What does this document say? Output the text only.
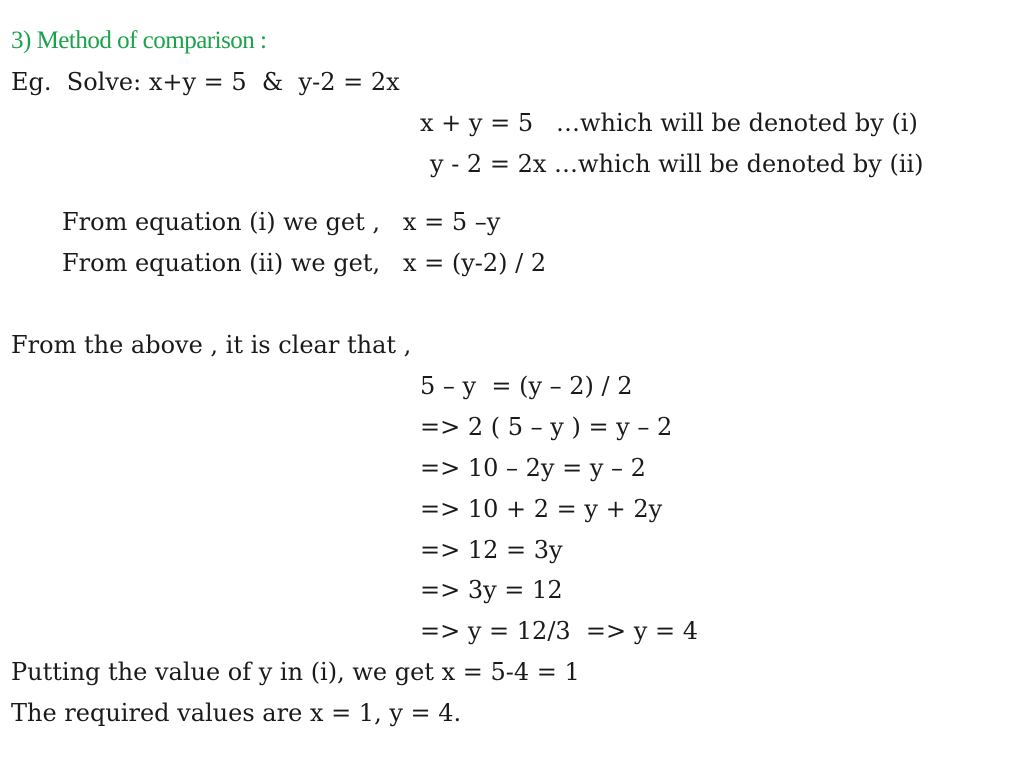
3) Method of comparison :
Eg.  Solve: x+y = 5  &  y-2 = 2x
x + y = 5   …which will be denoted by (i)
y - 2 = 2x …which will be denoted by (ii)
From equation (i) we get ,   x = 5 –y
From equation (ii) we get,   x = (y-2) / 2
From the above , it is clear that ,
5 – y  = (y – 2) / 2
=> 2 ( 5 – y ) = y – 2
=> 10 – 2y = y – 2
=> 10 + 2 = y + 2y
=> 12 = 3y
=> 3y = 12
=> y = 12/3  => y = 4
Putting the value of y in (i), we get x = 5-4 = 1
The required values are x = 1, y = 4.
